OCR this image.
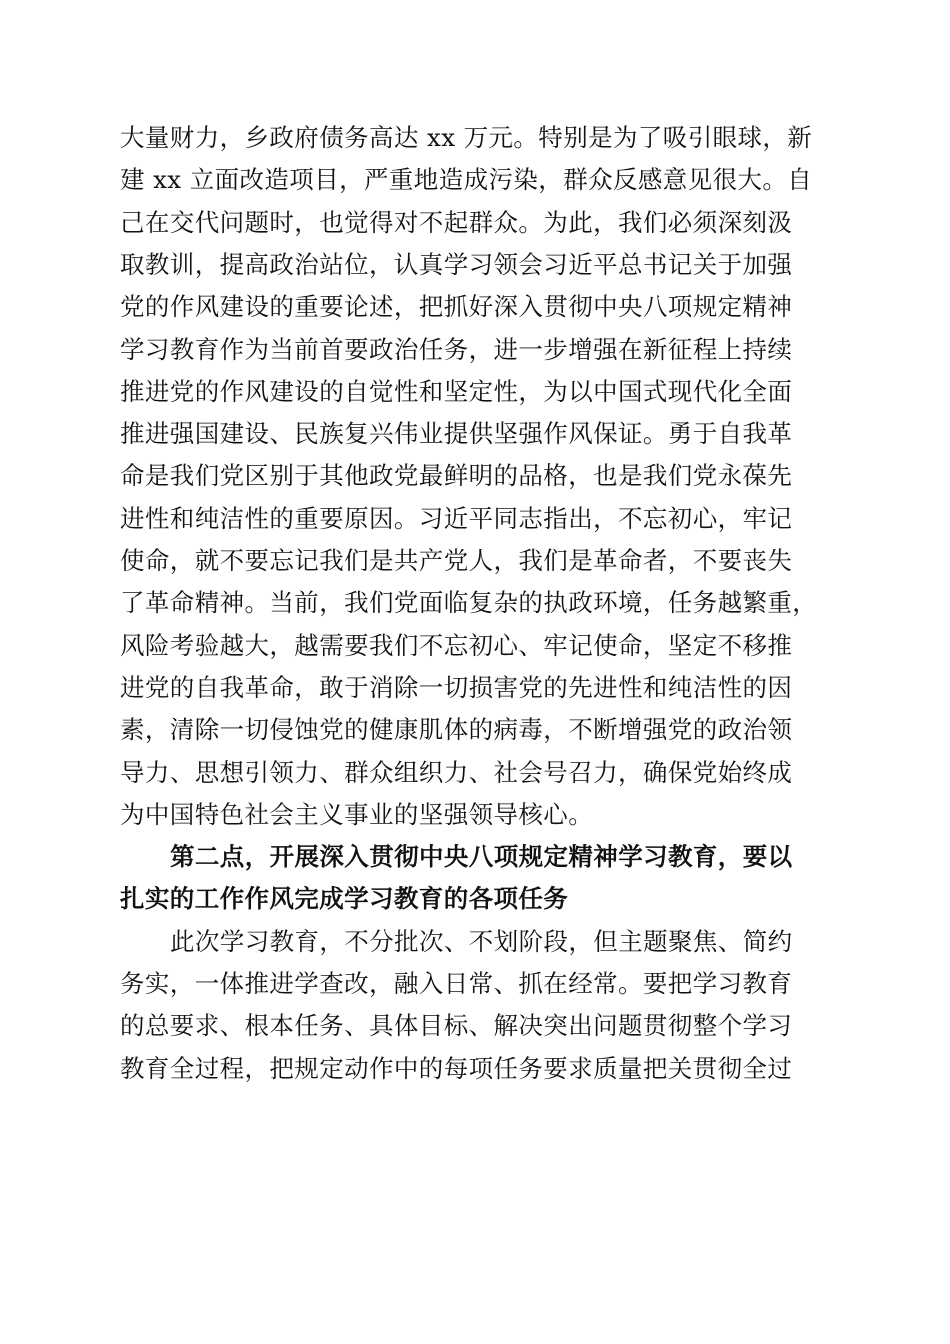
大量财力，乡政府债务高达 xx 万元。特别是为了吸引眼球，新
建 xx 立面改造项目，严重地造成污染，群众反感意见很大。自
己在交代问题时，也觉得对不起群众。为此，我们必须深刻汲
取教训，提高政治站位，认真学习领会习近平总书记关于加强
党的作风建设的重要论述，把抓好深入贯彻中央八项规定精神
学习教育作为当前首要政治任务，进一步增强在新征程上持续
推进党的作风建设的自觉性和坚定性，为以中国式现代化全面
推进强国建设、民族复兴伟业提供坚强作风保证。勇于自我革
命是我们党区别于其他政党最鲜明的品格，也是我们党永葆先
进性和纯洁性的重要原因。习近平同志指出，不忘初心，牢记
使命，就不要忘记我们是共产党人，我们是革命者，不要丧失
了革命精神。当前，我们党面临复杂的执政环境，任务越繁重，
风险考验越大，越需要我们不忘初心、牢记使命，坚定不移推
进党的自我革命，敢于消除一切损害党的先进性和纯洁性的因
素，清除一切侵蚀党的健康肌体的病毒，不断增强党的政治领
导力、思想引领力、群众组织力、社会号召力，确保党始终成
为中国特色社会主义事业的坚强领导核心。
第二点，开展深入贯彻中央八项规定精神学习教育，要以
扎实的工作作风完成学习教育的各项任务
此次学习教育，不分批次、不划阶段，但主题聚焦、简约
务实，一体推进学查改，融入日常、抓在经常。要把学习教育
的总要求、根本任务、具体目标、解决突出问题贯彻整个学习
教育全过程，把规定动作中的每项任务要求质量把关贯彻全过
